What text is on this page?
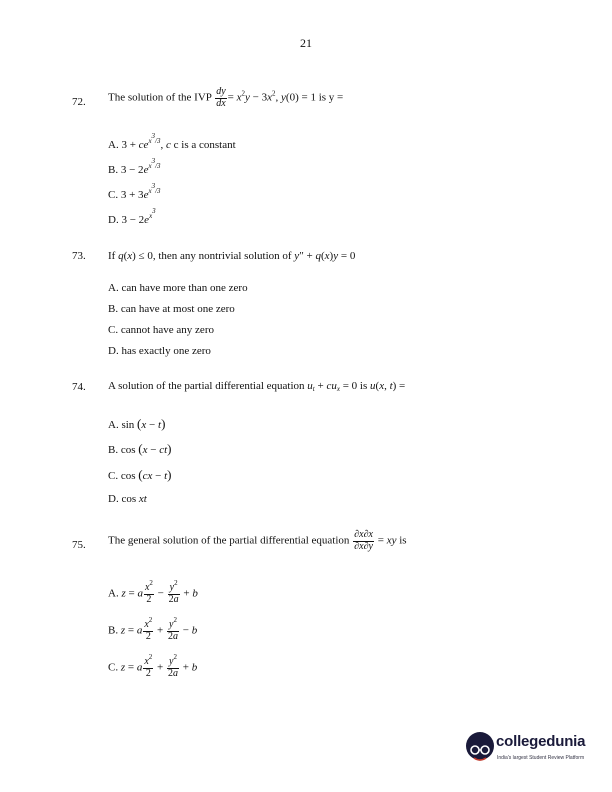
21
72. The solution of the IVP $\frac{dy}{dx} = x^2y - 3x^2$, y(0) = 1 is y =
A. $3 + ce^{x^3/3}$, c c is a constant
B. $3 - 2e^{x^3/3}$
C. $3 + 3e^{x^3/3}$
D. $3 - 2e^{x^3}$
73. If q(x) ≤ 0, then any nontrivial solution of y″ + q(x)y = 0
A. can have more than one zero
B. can have at most one zero
C. cannot have any zero
D. has exactly one zero
74. A solution of the partial differential equation $u_t + cu_x = 0$ is u(x, t) =
A. sin (x − t)
B. cos (x − ct)
C. cos (cx − t)
D. cos xt
75. The general solution of the partial differential equation $\frac{\partial x\partial x}{\partial x\partial y}$ = xy is
A. z = a $\frac{x^2}{2} - \frac{y^2}{2a} + b$
B. z = a $\frac{x^2}{2} + \frac{y^2}{2a} - b$
C. z = a $\frac{x^2}{2} + \frac{y^2}{2a} + b$
collegedunia
India's largest Student Review Platform
